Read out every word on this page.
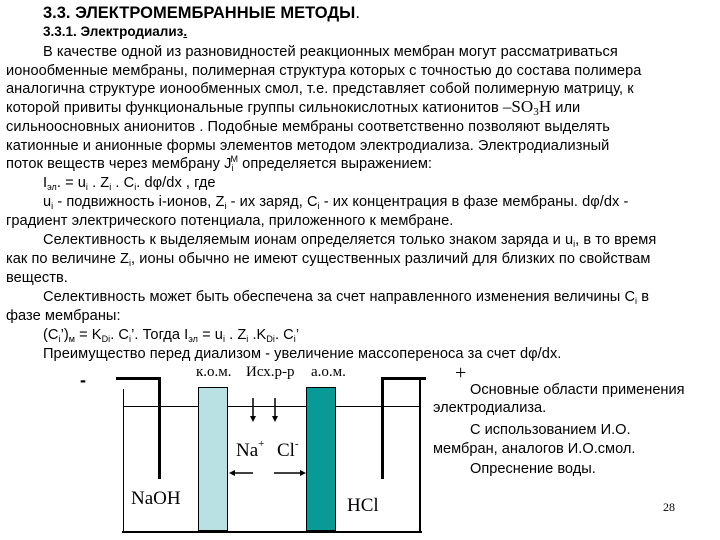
3.3. ЭЛЕКТРОМЕМБРАННЫЕ МЕТОДЫ.
3.3.1. Электродиализ.
В качестве одной из разновидностей реакционных мембран могут рассматриваться
ионообменные мембраны, полимерная структура которых с точностью до состава полимера
аналогична структуре ионообменных смол, т.е. представляет собой полимерную матрицу, к
которой привиты функциональные группы сильнокислотных катионитов $-SO_3H$ или
сильноосновных анионитов . Подобные мембраны соответственно позволяют выделять
катионные и анионные формы элементов методом электродиализа. Электродиализный
поток веществ через мембрану $J_i^M$ определяется выражением:
$I_{эл}$. = $u_i$ . $Z_i$ . $C_i$. dφ/dx , где
$u_i$ - подвижность i-ионов, $Z_i$ - их заряд, $C_i$ - их концентрация в фазе мембраны. dφ/dx -
градиент электрического потенциала, приложенного к мембране.
Селективность к выделяемым ионам определяется только знаком заряда и $u_i$, в то время
как по величине $Z_i$, ионы обычно не имеют существенных различий для близких по свойствам
веществ.
Селективность может быть обеспечена за счет направленного изменения величины $C_i$ в
фазе мембраны:
$(C_i’)_м = K_{Di}$. $C_i$’. Тогда $I_{эл} = u_i$ . $Z_i$ $.K_{Di}$. $C_i$’
Преимущество перед диализом - увеличение массопереноса за счет dφ/dx.
-	+
к.о.м. Исх.р-р а.о.м.
Na+ Cl-
NaOH	HCl
Основные области применения
электродиализа.
С использованием И.О.
мембран, аналогов И.О.смол.
Опреснение воды.
28
